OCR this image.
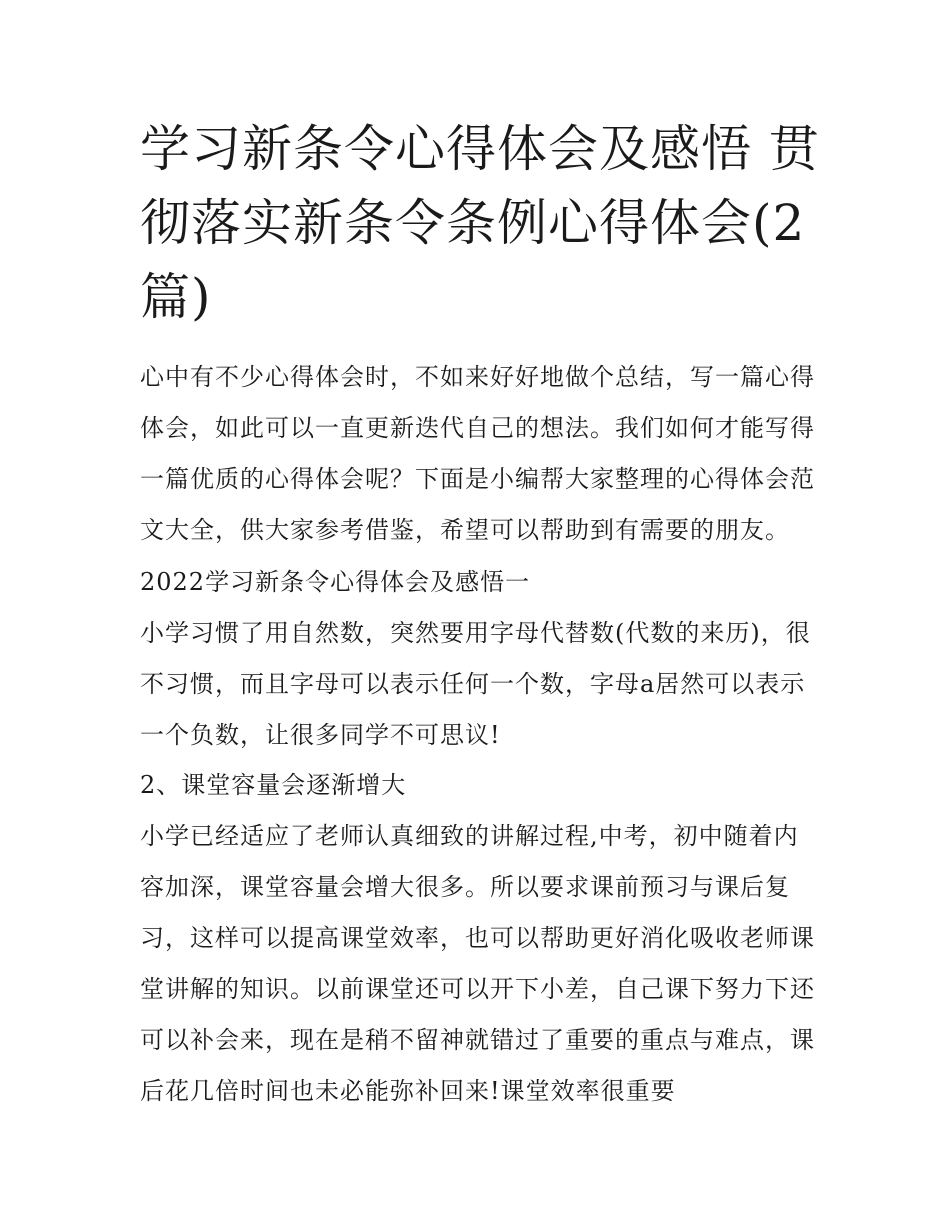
学习新条令心得体会及感悟 贯彻落实新条令条例心得体会(2篇)

心中有不少心得体会时，不如来好好地做个总结，写一篇心得体会，如此可以一直更新迭代自己的想法。我们如何才能写得一篇优质的心得体会呢？下面是小编帮大家整理的心得体会范文大全，供大家参考借鉴，希望可以帮助到有需要的朋友。

2022学习新条令心得体会及感悟一

小学习惯了用自然数，突然要用字母代替数(代数的来历)，很不习惯，而且字母可以表示任何一个数，字母a居然可以表示一个负数，让很多同学不可思议!

2、课堂容量会逐渐增大

小学已经适应了老师认真细致的讲解过程,中考，初中随着内容加深，课堂容量会增大很多。所以要求课前预习与课后复习，这样可以提高课堂效率，也可以帮助更好消化吸收老师课堂讲解的知识。以前课堂还可以开下小差，自己课下努力下还可以补会来，现在是稍不留神就错过了重要的重点与难点，课后花几倍时间也未必能弥补回来!课堂效率很重要
